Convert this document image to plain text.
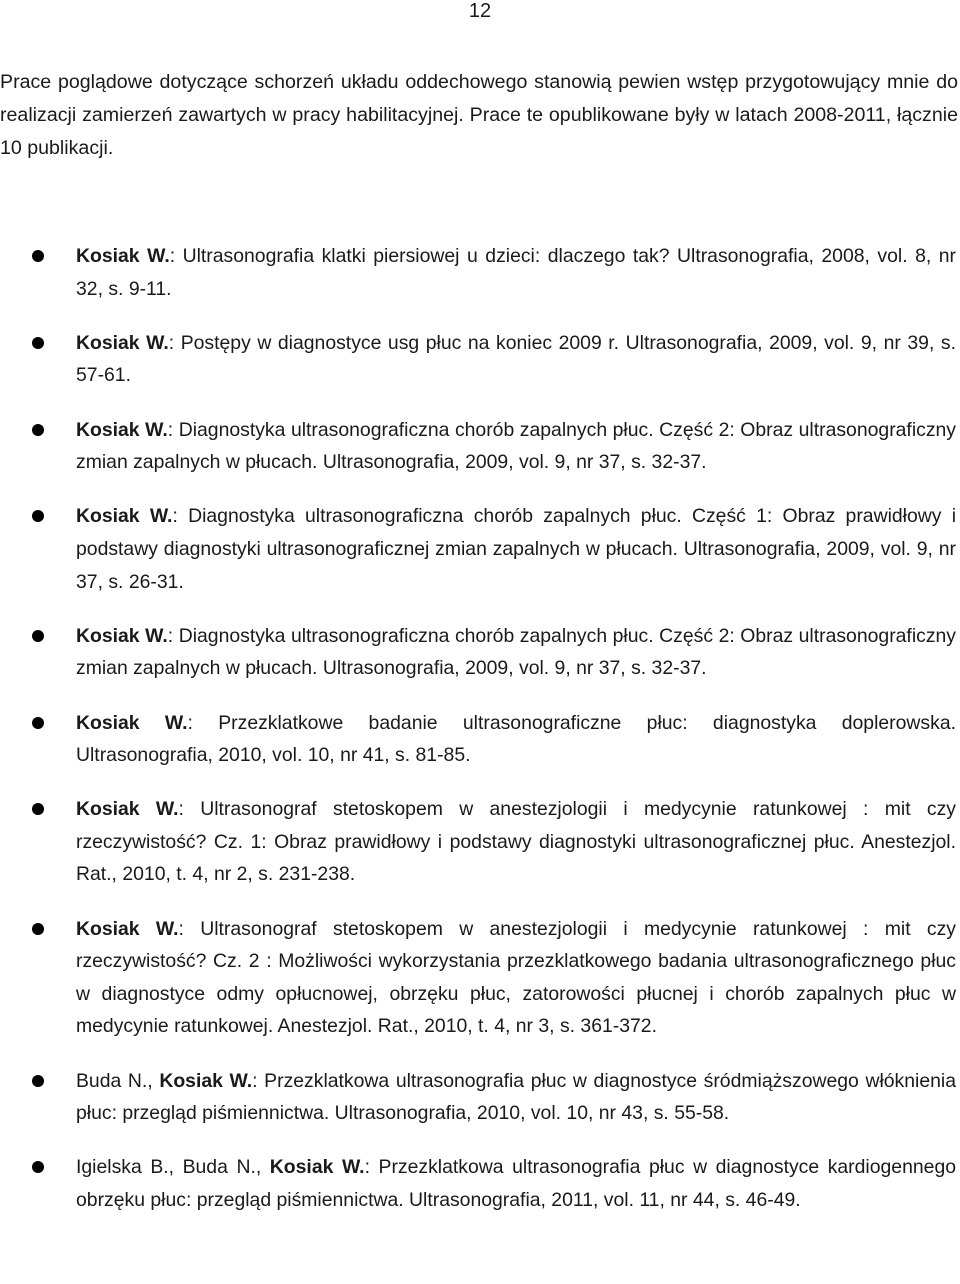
12

Prace poglądowe dotyczące schorzeń układu oddechowego stanowią pewien wstęp przygotowujący mnie do realizacji zamierzeń zawartych w pracy habilitacyjnej. Prace te opublikowane były w latach 2008-2011, łącznie 10 publikacji.

Kosiak W.: Ultrasonografia klatki piersiowej u dzieci: dlaczego tak? Ultrasonografia, 2008, vol. 8, nr 32, s. 9-11.
Kosiak W.: Postępy w diagnostyce usg płuc na koniec 2009 r. Ultrasonografia, 2009, vol. 9, nr 39, s. 57-61.
Kosiak W.: Diagnostyka ultrasonograficzna chorób zapalnych płuc. Część 2: Obraz ultrasonograficzny zmian zapalnych w płucach. Ultrasonografia, 2009, vol. 9, nr 37, s. 32-37.
Kosiak W.: Diagnostyka ultrasonograficzna chorób zapalnych płuc. Część 1: Obraz prawidłowy i podstawy diagnostyki ultrasonograficznej zmian zapalnych w płucach. Ultrasonografia, 2009, vol. 9, nr 37, s. 26-31.
Kosiak W.: Diagnostyka ultrasonograficzna chorób zapalnych płuc. Część 2: Obraz ultrasonograficzny zmian zapalnych w płucach. Ultrasonografia, 2009, vol. 9, nr 37, s. 32-37.
Kosiak W.: Przezklatkowe badanie ultrasonograficzne płuc: diagnostyka doplerowska. Ultrasonografia, 2010, vol. 10, nr 41, s. 81-85.
Kosiak W.: Ultrasonograf stetoskopem w anestezjologii i medycynie ratunkowej : mit czy rzeczywistość? Cz. 1: Obraz prawidłowy i podstawy diagnostyki ultrasonograficznej płuc. Anestezjol. Rat., 2010, t. 4, nr 2, s. 231-238.
Kosiak W.: Ultrasonograf stetoskopem w anestezjologii i medycynie ratunkowej : mit czy rzeczywistość? Cz. 2 : Możliwości wykorzystania przezklatkowego badania ultrasonograficznego płuc w diagnostyce odmy opłucnowej, obrzęku płuc, zatorowości płucnej i chorób zapalnych płuc w medycynie ratunkowej. Anestezjol. Rat., 2010, t. 4, nr 3, s. 361-372.
Buda N., Kosiak W.: Przezklatkowa ultrasonografia płuc w diagnostyce śródmiąższowego włóknienia płuc: przegląd piśmiennictwa. Ultrasonografia, 2010, vol. 10, nr 43, s. 55-58.
Igielska B., Buda N., Kosiak W.: Przezklatkowa ultrasonografia płuc w diagnostyce kardiogennego obrzęku płuc: przegląd piśmiennictwa. Ultrasonografia, 2011, vol. 11, nr 44, s. 46-49.
